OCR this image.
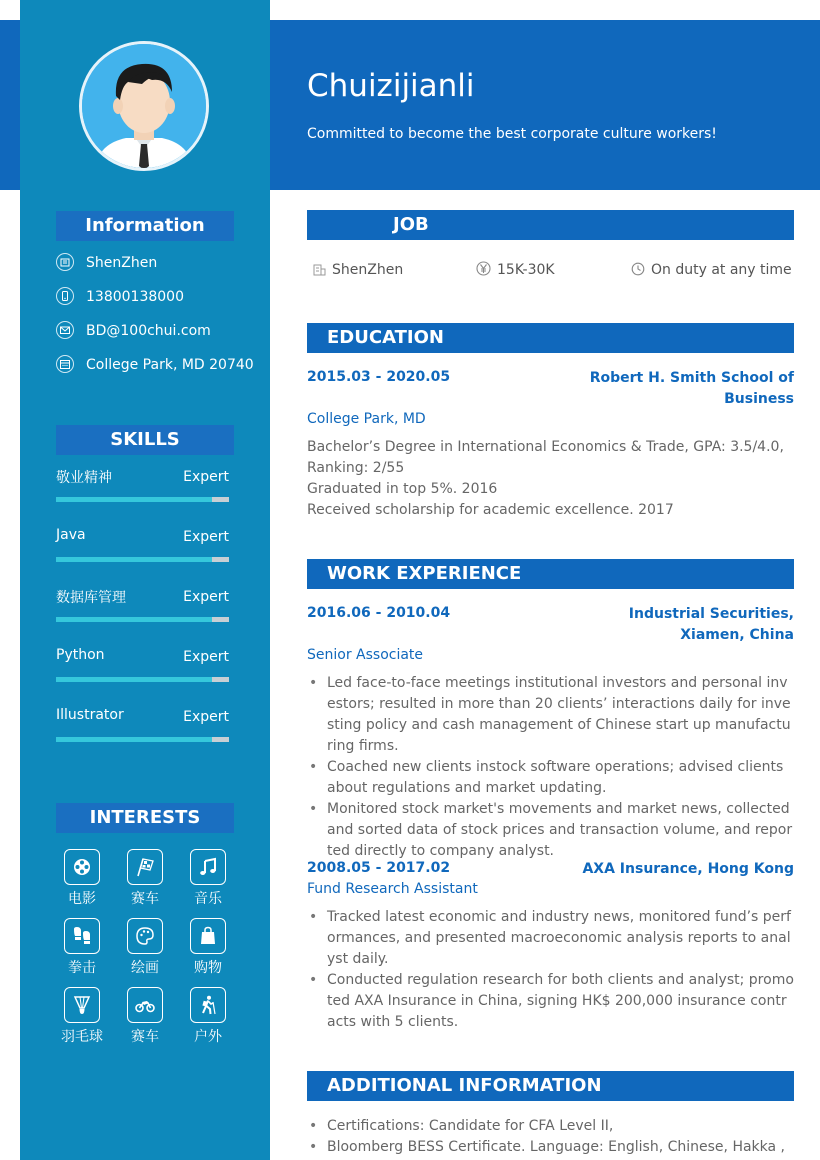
Information
ShenZhen
13800138000
BD@100chui.com
College Park, MD 20740
SKILLS
敬业精神	Expert
Java	Expert
数据库管理	Expert
Python	Expert
Illustrator	Expert
INTERESTS
电影	赛车	音乐
拳击	绘画	购物
羽毛球	赛车	户外
Chuizijianli
Committed to become the best corporate culture workers!
JOB
ShenZhen	15K-30K	On duty at any time
EDUCATION
2015.03 - 2020.05	Robert H. Smith School of Business
College Park, MD
Bachelor’s Degree in International Economics & Trade, GPA: 3.5/4.0, Ranking: 2/55
Graduated in top 5%. 2016
Received scholarship for academic excellence. 2017
WORK EXPERIENCE
2016.06 - 2010.04	Industrial Securities, Xiamen, China
Senior Associate
• Led face-to-face meetings institutional investors and personal investors; resulted in more than 20 clients’ interactions daily for investing policy and cash management of Chinese start up manufacturing firms.
• Coached new clients instock software operations; advised clients about regulations and market updating.
• Monitored stock market's movements and market news, collected and sorted data of stock prices and transaction volume, and reported directly to company analyst.
2008.05 - 2017.02	AXA Insurance, Hong Kong
Fund Research Assistant
• Tracked latest economic and industry news, monitored fund’s performances, and presented macroeconomic analysis reports to analyst daily.
• Conducted regulation research for both clients and analyst; promoted AXA Insurance in China, signing HK$ 200,000 insurance contracts with 5 clients.
ADDITIONAL INFORMATION
• Certifications: Candidate for CFA Level II,
• Bloomberg BESS Certificate. Language: English, Chinese, Hakka ,
